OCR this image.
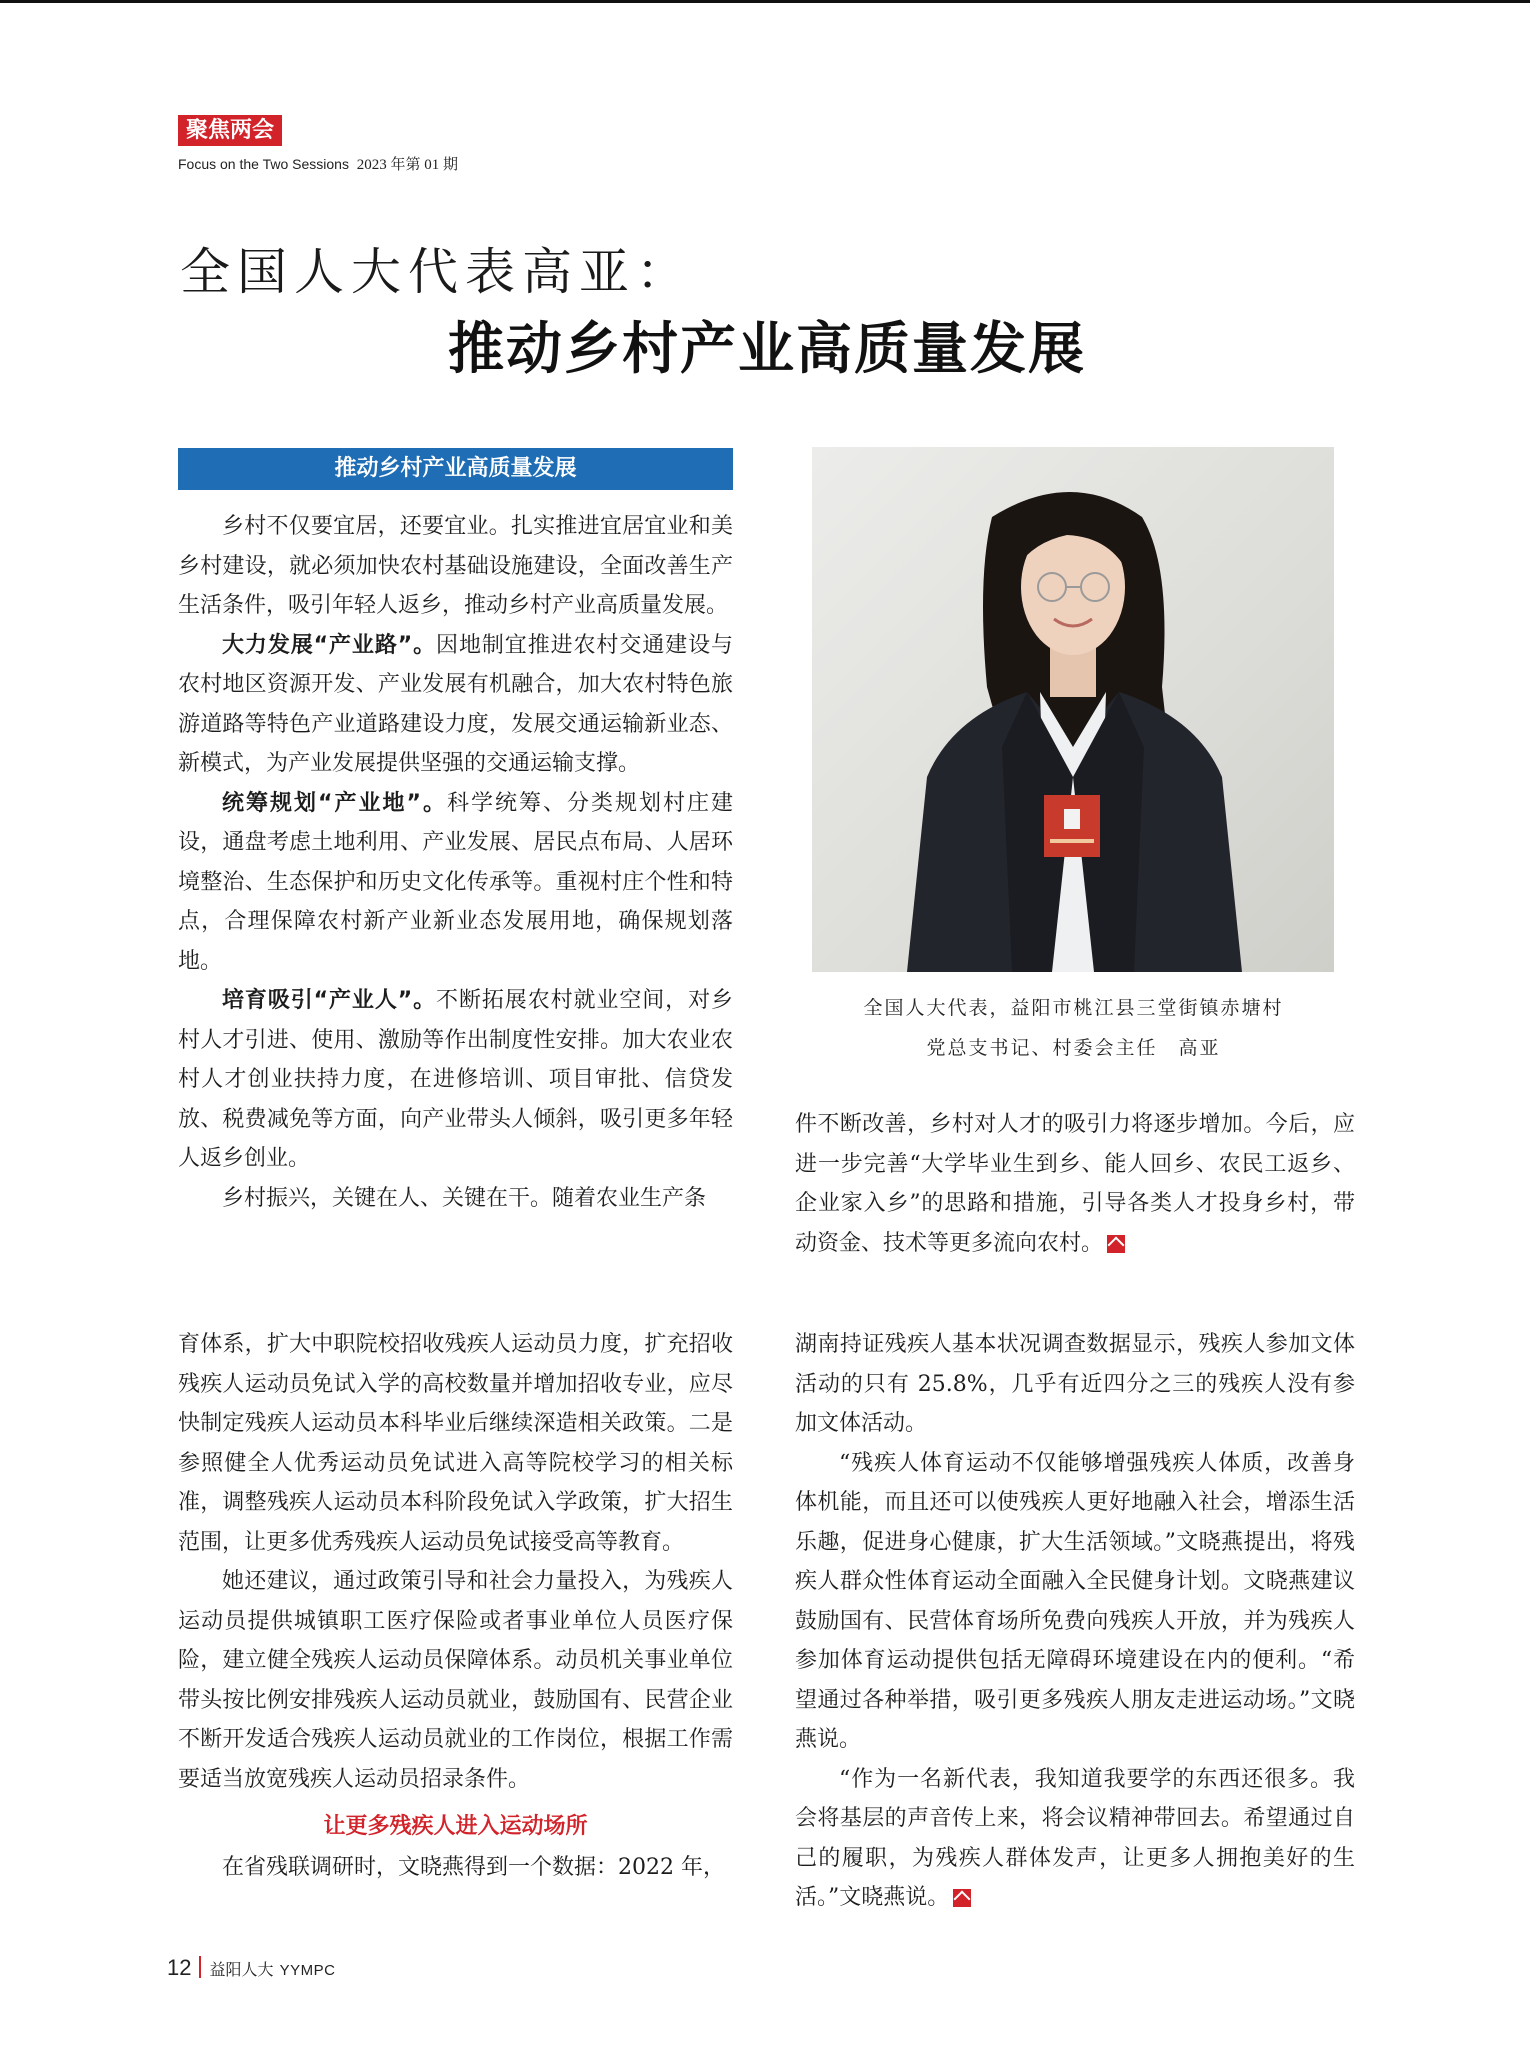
聚焦两会
Focus on the Two Sessions 2023 年第 01 期
全国人大代表高亚：
推动乡村产业高质量发展
推动乡村产业高质量发展

乡村不仅要宜居，还要宜业。扎实推进宜居宜业和美乡村建设，就必须加快农村基础设施建设，全面改善生产生活条件，吸引年轻人返乡，推动乡村产业高质量发展。

大力发展“产业路”。因地制宜推进农村交通建设与农村地区资源开发、产业发展有机融合，加大农村特色旅游道路等特色产业道路建设力度，发展交通运输新业态、新模式，为产业发展提供坚强的交通运输支撑。

统筹规划“产业地”。科学统筹、分类规划村庄建设，通盘考虑土地利用、产业发展、居民点布局、人居环境整治、生态保护和历史文化传承等。重视村庄个性和特点，合理保障农村新产业新业态发展用地，确保规划落地。

培育吸引“产业人”。不断拓展农村就业空间，对乡村人才引进、使用、激励等作出制度性安排。加大农业农村人才创业扶持力度，在进修培训、项目审批、信贷发放、税费减免等方面，向产业带头人倾斜，吸引更多年轻人返乡创业。

乡村振兴，关键在人、关键在干。随着农业生产条

全国人大代表，益阳市桃江县三堂街镇赤塘村
党总支书记、村委会主任　高亚

件不断改善，乡村对人才的吸引力将逐步增加。今后，应进一步完善“大学毕业生到乡、能人回乡、农民工返乡、企业家入乡”的思路和措施，引导各类人才投身乡村，带动资金、技术等更多流向农村。

育体系，扩大中职院校招收残疾人运动员力度，扩充招收残疾人运动员免试入学的高校数量并增加招收专业，应尽快制定残疾人运动员本科毕业后继续深造相关政策。二是参照健全人优秀运动员免试进入高等院校学习的相关标准，调整残疾人运动员本科阶段免试入学政策，扩大招生范围，让更多优秀残疾人运动员免试接受高等教育。

她还建议，通过政策引导和社会力量投入，为残疾人运动员提供城镇职工医疗保险或者事业单位人员医疗保险，建立健全残疾人运动员保障体系。动员机关事业单位带头按比例安排残疾人运动员就业，鼓励国有、民营企业不断开发适合残疾人运动员就业的工作岗位，根据工作需要适当放宽残疾人运动员招录条件。

让更多残疾人进入运动场所

在省残联调研时，文晓燕得到一个数据：2022 年，

湖南持证残疾人基本状况调查数据显示，残疾人参加文体活动的只有 25.8%，几乎有近四分之三的残疾人没有参加文体活动。

“残疾人体育运动不仅能够增强残疾人体质，改善身体机能，而且还可以使残疾人更好地融入社会，增添生活乐趣，促进身心健康，扩大生活领域。”文晓燕提出，将残疾人群众性体育运动全面融入全民健身计划。文晓燕建议鼓励国有、民营体育场所免费向残疾人开放，并为残疾人参加体育运动提供包括无障碍环境建设在内的便利。“希望通过各种举措，吸引更多残疾人朋友走进运动场。”文晓燕说。

“作为一名新代表，我知道我要学的东西还很多。我会将基层的声音传上来，将会议精神带回去。希望通过自己的履职，为残疾人群体发声，让更多人拥抱美好的生活。”文晓燕说。

12 益阳人大 YYMPC
